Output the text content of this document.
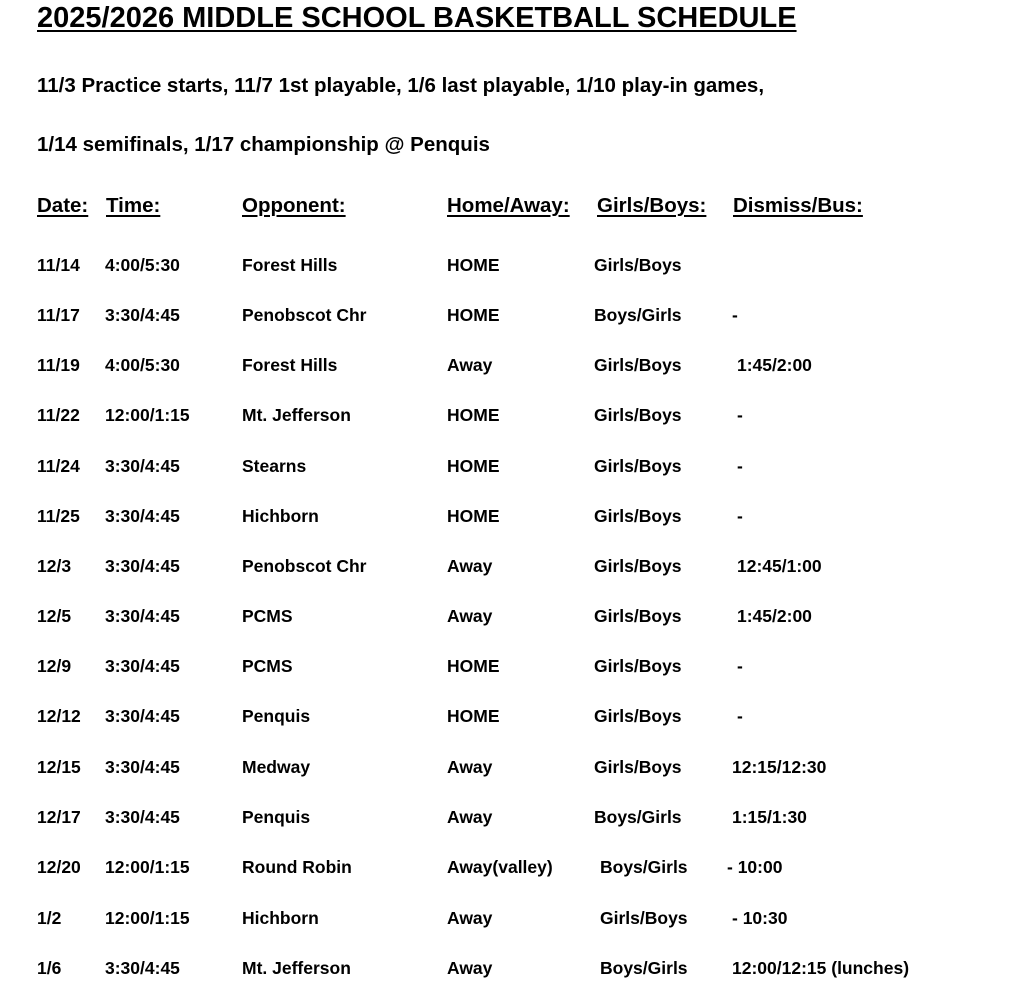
2025/2026 MIDDLE SCHOOL BASKETBALL SCHEDULE
11/3 Practice starts, 11/7 1st playable, 1/6 last playable, 1/10 play-in games,
1/14 semifinals, 1/17 championship @ Penquis
Date: Time:	Opponent:	Home/Away: Girls/Boys: Dismiss/Bus:
11/14 4:00/5:30	Forest Hills	HOME	Girls/Boys
11/17 3:30/4:45	Penobscot Chr	HOME	Boys/Girls	-
11/19 4:00/5:30	Forest Hills	Away	Girls/Boys	1:45/2:00
11/22 12:00/1:15	Mt. Jefferson	HOME	Girls/Boys	-
11/24 3:30/4:45	Stearns	HOME	Girls/Boys	-
11/25 3:30/4:45	Hichborn	HOME	Girls/Boys	-
12/3 3:30/4:45	Penobscot Chr	Away	Girls/Boys	12:45/1:00
12/5 3:30/4:45	PCMS	Away	Girls/Boys	1:45/2:00
12/9 3:30/4:45	PCMS	HOME	Girls/Boys	-
12/12 3:30/4:45	Penquis	HOME	Girls/Boys	-
12/15 3:30/4:45	Medway	Away	Girls/Boys	12:15/12:30
12/17 3:30/4:45	Penquis	Away	Boys/Girls	1:15/1:30
12/20 12:00/1:15	Round Robin	Away(valley)	Boys/Girls - 10:00
1/2 12:00/1:15	Hichborn	Away	Girls/Boys	- 10:30
1/6 3:30/4:45	Mt. Jefferson	Away	Boys/Girls	12:00/12:15 (lunches)
